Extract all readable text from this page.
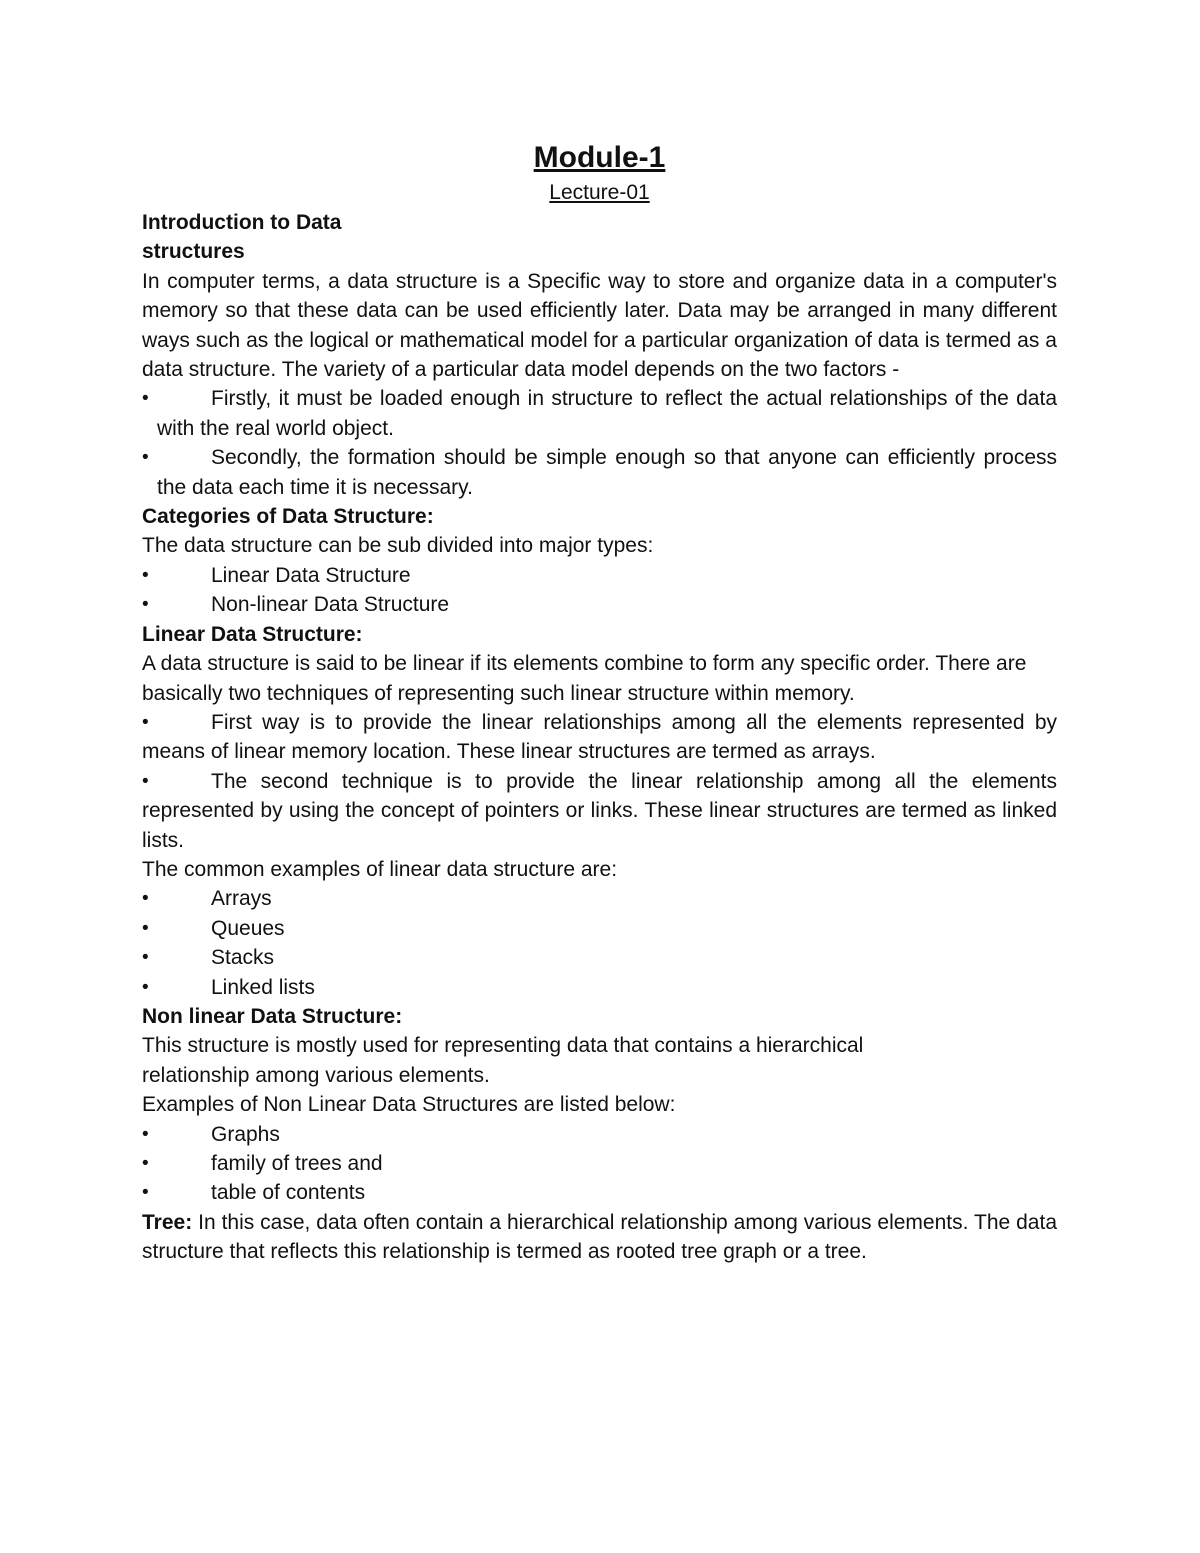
Module-1
Lecture-01
Introduction to Data
structures

In computer terms, a data structure is a Specific way to store and organize data in a computer's memory so that these data can be used efficiently later. Data may be arranged in many different ways such as the logical or mathematical model for a particular organization of data is termed as a data structure. The variety of a particular data model depends on the two factors -

•	Firstly, it must be loaded enough in structure to reflect the actual relationships of the data with the real world object.
•	Secondly, the formation should be simple enough so that anyone can efficiently process the data each time it is necessary.
Categories of Data Structure:

The data structure can be sub divided into major types:

•	Linear Data Structure
•	Non-linear Data Structure
Linear Data Structure:

A data structure is said to be linear if its elements combine to form any specific order. There are basically two techniques of representing such linear structure within memory.

•	First way is to provide the linear relationships among all the elements represented by means of linear memory location. These linear structures are termed as arrays.
•	The second technique is to provide the linear relationship among all the elements represented by using the concept of pointers or links. These linear structures are termed as linked lists.

The common examples of linear data structure are:

•	Arrays
•	Queues
•	Stacks
•	Linked lists
Non linear Data Structure:

This structure is mostly used for representing data that contains a hierarchical relationship among various elements.

Examples of Non Linear Data Structures are listed below:

•	Graphs
•	family of trees and
•	table of contents

Tree: In this case, data often contain a hierarchical relationship among various elements. The data structure that reflects this relationship is termed as rooted tree graph or a tree.
